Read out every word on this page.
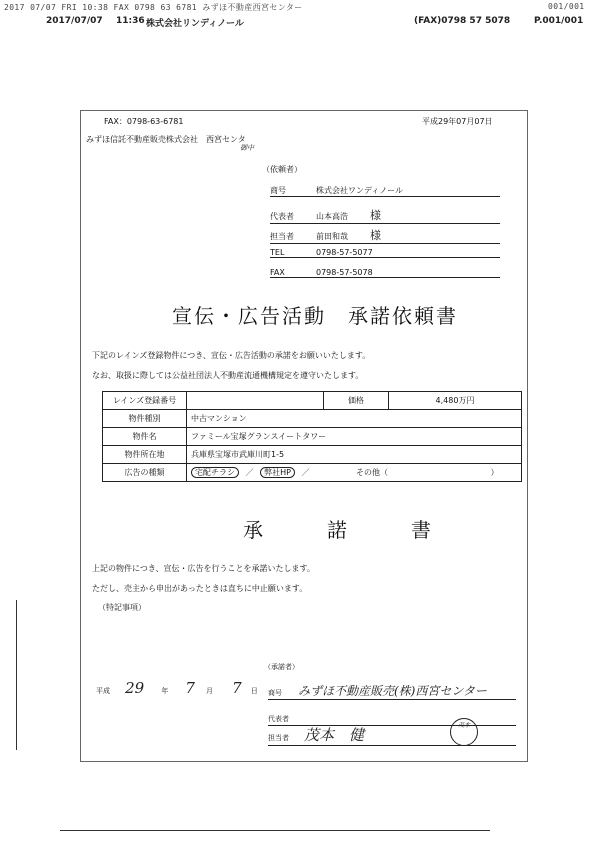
2017 07/07 FRI 10:38 FAX 0798 63 6781 みずほ不動産西宮センター	001/001
2017/07/07 11:36 株式会社リンディノール	(FAX)0798 57 5078	P.001/001
FAX：0798-63-6781	平成29年07月07日
みずほ信託不動産販売株式会社　西宮センタ
御中
（依頼者）
商号	株式会社ワンディノール
代表者	山本高浩 様
担当者	前田和哉 様
TEL	0798-57-5077
FAX	0798-57-5078
宣伝・広告活動　承諾依頼書
下記のレインズ登録物件につき、宣伝・広告活動の承諾をお願いいたします。
なお、取扱に際しては公益社団法人不動産流通機構規定を遵守いたします。
レインズ登録番号		価格	4,480万円
物件種別	中古マンション		
物件名	ファミール宝塚グランスイートタワー		
物件所在地	兵庫県宝塚市武庫川町1-5		
広告の種類	宅配チラシ ／ 弊社HP ／ その他（ ）		
承　諾　書
上記の物件につき、宣伝・広告を行うことを承諾いたします。
ただし、売主から申出があったときは直ちに中止願います。
（特記事項）
平成 29 年 7 月 7 日
（承諾者）
商号 みずほ不動産販売(株)西宮センター
代表者
担当者 茂本　健
茂本
